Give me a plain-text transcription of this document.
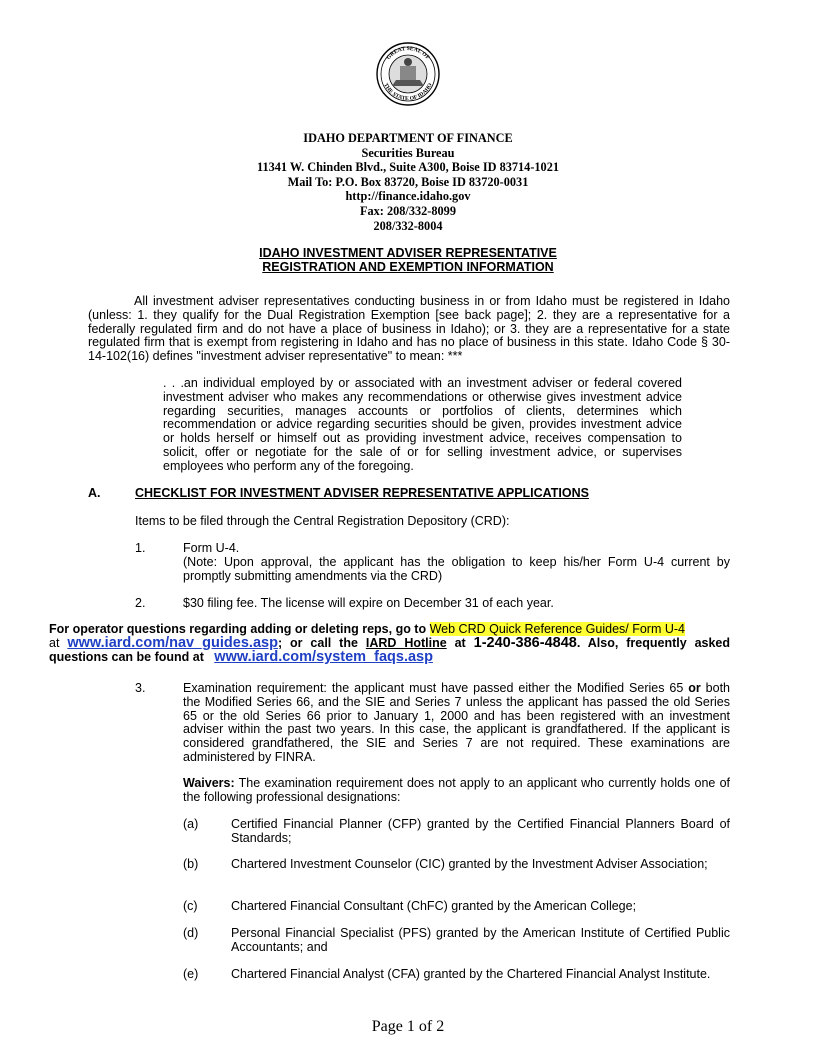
GREAT SEAL OF
THE STATE OF IDAHO
IDAHO DEPARTMENT OF FINANCE
Securities Bureau
11341 W. Chinden Blvd., Suite A300, Boise ID 83714-1021
Mail To: P.O. Box 83720, Boise ID 83720-0031
http://finance.idaho.gov
Fax: 208/332-8099
208/332-8004
IDAHO INVESTMENT ADVISER REPRESENTATIVE
REGISTRATION AND EXEMPTION INFORMATION
All investment adviser representatives conducting business in or from Idaho must be registered in Idaho (unless: 1. they qualify for the Dual Registration Exemption [see back page]; 2. they are a representative for a federally regulated firm and do not have a place of business in Idaho); or 3. they are a representative for a state regulated firm that is exempt from registering in Idaho and has no place of business in this state. Idaho Code § 30-14-102(16) defines "investment adviser representative" to mean: ***
. . .an individual employed by or associated with an investment adviser or federal covered investment adviser who makes any recommendations or otherwise gives investment advice regarding securities, manages accounts or portfolios of clients, determines which recommendation or advice regarding securities should be given, provides investment advice or holds herself or himself out as providing investment advice, receives compensation to solicit, offer or negotiate for the sale of or for selling investment advice, or supervises employees who perform any of the foregoing.
A.	CHECKLIST FOR INVESTMENT ADVISER REPRESENTATIVE APPLICATIONS
Items to be filed through the Central Registration Depository (CRD):
1.	Form U-4.
(Note: Upon approval, the applicant has the obligation to keep his/her Form U-4 current by promptly submitting amendments via the CRD)
2.	$30 filing fee. The license will expire on December 31 of each year.
For operator questions regarding adding or deleting reps, go to Web CRD Quick Reference Guides/ Form U-4
at www.iard.com/nav_guides.asp; or call the IARD Hotline at 1-240-386-4848. Also, frequently asked questions can be found at   www.iard.com/system_faqs.asp
3.	Examination requirement: the applicant must have passed either the Modified Series 65 or both the Modified Series 66, and the SIE and Series 7 unless the applicant has passed the old Series 65 or the old Series 66 prior to January 1, 2000 and has been registered with an investment adviser within the past two years. In this case, the applicant is grandfathered. If the applicant is considered grandfathered, the SIE and Series 7 are not required. These examinations are administered by FINRA.
Waivers: The examination requirement does not apply to an applicant who currently holds one of the following professional designations:
(a)	Certified Financial Planner (CFP) granted by the Certified Financial Planners Board of Standards;
(b)	Chartered Investment Counselor (CIC) granted by the Investment Adviser Association;
(c)	Chartered Financial Consultant (ChFC) granted by the American College;
(d)	Personal Financial Specialist (PFS) granted by the American Institute of Certified Public Accountants; and
(e)	Chartered Financial Analyst (CFA) granted by the Chartered Financial Analyst Institute.
Page 1 of 2
